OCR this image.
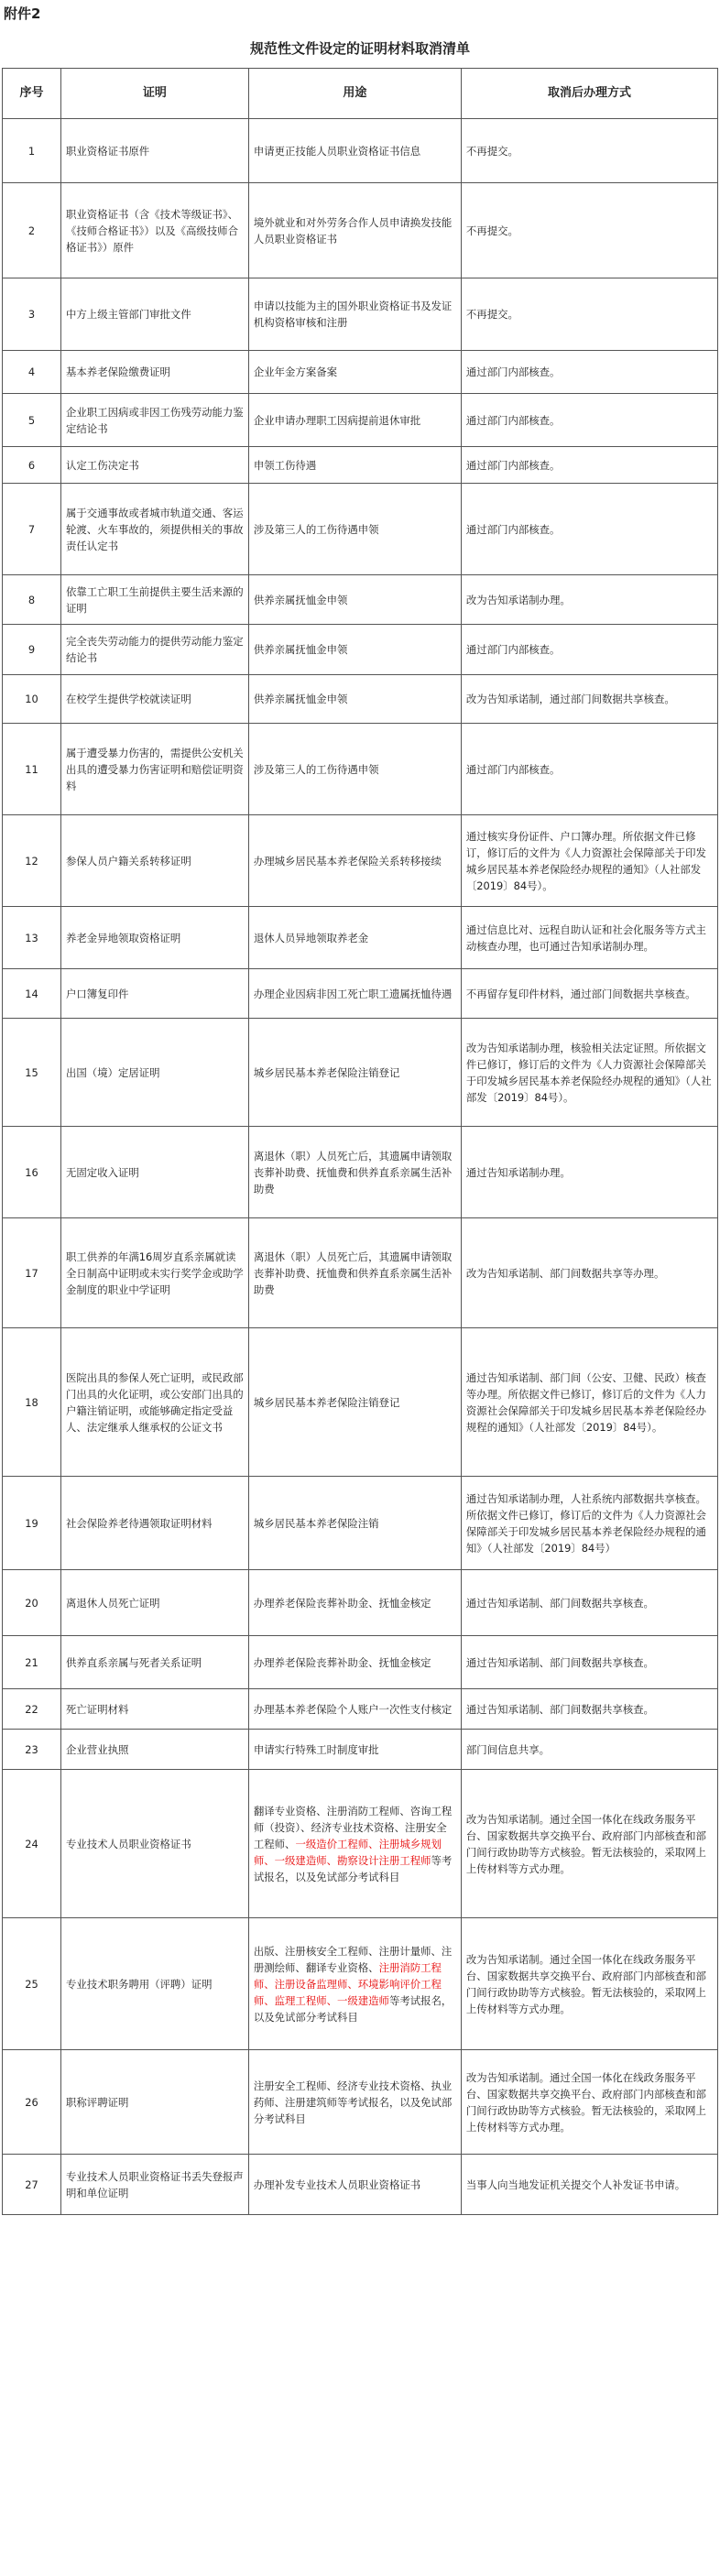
附件2
规范性文件设定的证明材料取消清单
序号	证明	用途	取消后办理方式
1	职业资格证书原件	申请更正技能人员职业资格证书信息	不再提交。
2	职业资格证书（含《技术等级证书》、《技师合格证书》）以及《高级技师合格证书》）原件	境外就业和对外劳务合作人员申请换发技能人员职业资格证书	不再提交。
3	中方上级主管部门审批文件	申请以技能为主的国外职业资格证书及发证机构资格审核和注册	不再提交。
4	基本养老保险缴费证明	企业年金方案备案	通过部门内部核查。
5	企业职工因病或非因工伤残劳动能力鉴定结论书	企业申请办理职工因病提前退休审批	通过部门内部核查。
6	认定工伤决定书	申领工伤待遇	通过部门内部核查。
7	属于交通事故或者城市轨道交通、客运轮渡、火车事故的，须提供相关的事故责任认定书	涉及第三人的工伤待遇申领	通过部门内部核查。
8	依靠工亡职工生前提供主要生活来源的证明	供养亲属抚恤金申领	改为告知承诺制办理。
9	完全丧失劳动能力的提供劳动能力鉴定结论书	供养亲属抚恤金申领	通过部门内部核查。
10	在校学生提供学校就读证明	供养亲属抚恤金申领	改为告知承诺制，通过部门间数据共享核查。
11	属于遭受暴力伤害的，需提供公安机关出具的遭受暴力伤害证明和赔偿证明资料	涉及第三人的工伤待遇申领	通过部门内部核查。
12	参保人员户籍关系转移证明	办理城乡居民基本养老保险关系转移接续	通过核实身份证件、户口簿办理。所依据文件已修订，修订后的文件为《人力资源社会保障部关于印发城乡居民基本养老保险经办规程的通知》（人社部发〔2019〕84号）。
13	养老金异地领取资格证明	退休人员异地领取养老金	通过信息比对、远程自助认证和社会化服务等方式主动核查办理，也可通过告知承诺制办理。
14	户口簿复印件	办理企业因病非因工死亡职工遗属抚恤待遇	不再留存复印件材料，通过部门间数据共享核查。
15	出国（境）定居证明	城乡居民基本养老保险注销登记	改为告知承诺制办理，核验相关法定证照。所依据文件已修订，修订后的文件为《人力资源社会保障部关于印发城乡居民基本养老保险经办规程的通知》（人社部发〔2019〕84号）。
16	无固定收入证明	离退休（职）人员死亡后，其遗属申请领取丧葬补助费、抚恤费和供养直系亲属生活补助费	通过告知承诺制办理。
17	职工供养的年满16周岁直系亲属就读全日制高中证明或未实行奖学金或助学金制度的职业中学证明	离退休（职）人员死亡后，其遗属申请领取丧葬补助费、抚恤费和供养直系亲属生活补助费	改为告知承诺制、部门间数据共享等办理。
18	医院出具的参保人死亡证明，或民政部门出具的火化证明，或公安部门出具的户籍注销证明，或能够确定指定受益人、法定继承人继承权的公证文书	城乡居民基本养老保险注销登记	通过告知承诺制、部门间（公安、卫健、民政）核查等办理。所依据文件已修订，修订后的文件为《人力资源社会保障部关于印发城乡居民基本养老保险经办规程的通知》（人社部发〔2019〕84号）。
19	社会保险养老待遇领取证明材料	城乡居民基本养老保险注销	通过告知承诺制办理，人社系统内部数据共享核查。所依据文件已修订，修订后的文件为《人力资源社会保障部关于印发城乡居民基本养老保险经办规程的通知》（人社部发〔2019〕84号）
20	离退休人员死亡证明	办理养老保险丧葬补助金、抚恤金核定	通过告知承诺制、部门间数据共享核查。
21	供养直系亲属与死者关系证明	办理养老保险丧葬补助金、抚恤金核定	通过告知承诺制、部门间数据共享核查。
22	死亡证明材料	办理基本养老保险个人账户一次性支付核定	通过告知承诺制、部门间数据共享核查。
23	企业营业执照	申请实行特殊工时制度审批	部门间信息共享。
24	专业技术人员职业资格证书	翻译专业资格、注册消防工程师、咨询工程师（投资）、经济专业技术资格、注册安全工程师、一级造价工程师、注册城乡规划师、一级建造师、勘察设计注册工程师等考试报名，以及免试部分考试科目	改为告知承诺制。通过全国一体化在线政务服务平台、国家数据共享交换平台、政府部门内部核查和部门间行政协助等方式核验。暂无法核验的，采取网上上传材料等方式办理。
25	专业技术职务聘用（评聘）证明	出版、注册核安全工程师、注册计量师、注册测绘师、翻译专业资格、注册消防工程师、注册设备监理师、环境影响评价工程师、监理工程师、一级建造师等考试报名，以及免试部分考试科目	改为告知承诺制。通过全国一体化在线政务服务平台、国家数据共享交换平台、政府部门内部核查和部门间行政协助等方式核验。暂无法核验的，采取网上上传材料等方式办理。
26	职称评聘证明	注册安全工程师、经济专业技术资格、执业药师、注册建筑师等考试报名，以及免试部分考试科目	改为告知承诺制。通过全国一体化在线政务服务平台、国家数据共享交换平台、政府部门内部核查和部门间行政协助等方式核验。暂无法核验的，采取网上上传材料等方式办理。
27	专业技术人员职业资格证书丢失登报声明和单位证明	办理补发专业技术人员职业资格证书	当事人向当地发证机关提交个人补发证书申请。
